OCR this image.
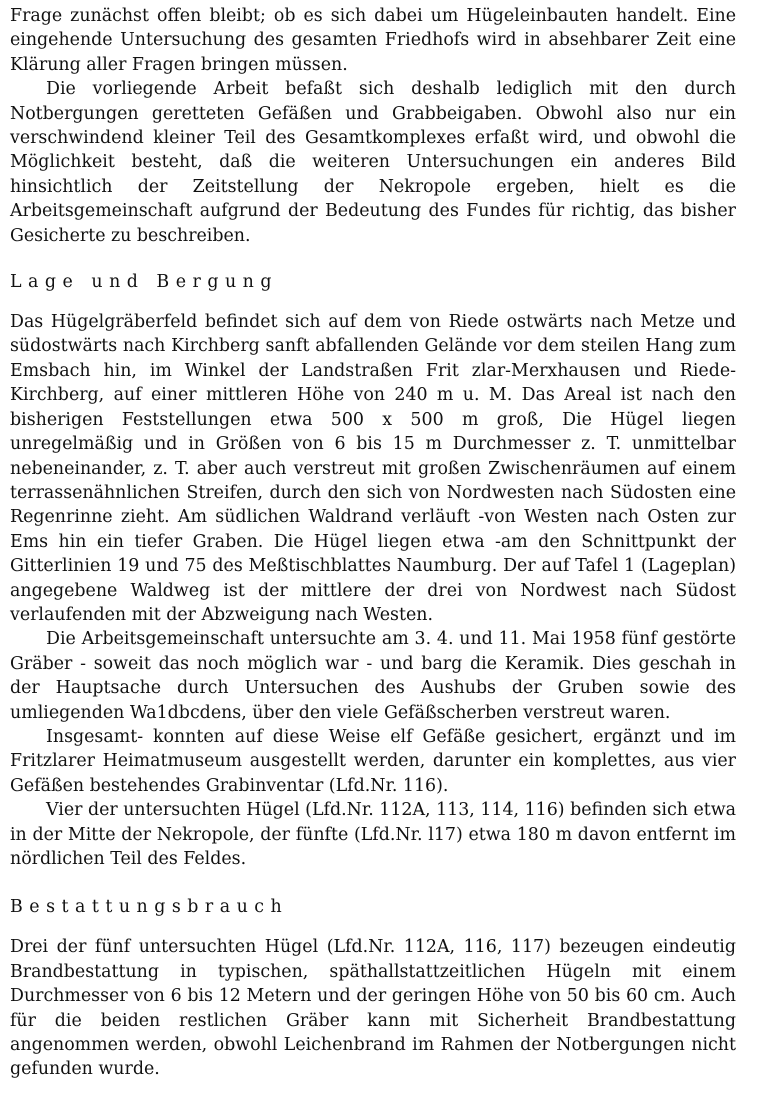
Frage zunächst offen bleibt; ob es sich dabei um Hügeleinbauten handelt. Eine eingehende Untersuchung des gesamten Friedhofs wird in absehbarer Zeit eine Klärung aller Fragen bringen müssen.

Die vorliegende Arbeit befaßt sich deshalb lediglich mit den durch Notbergungen geretteten Gefäßen und Grabbeigaben. Obwohl also nur ein verschwindend kleiner Teil des Gesamtkomplexes erfaßt wird, und obwohl die Möglichkeit besteht, daß die weiteren Untersuchungen ein anderes Bild hinsichtlich der Zeitstellung der Nekropole ergeben, hielt es die Arbeitsgemeinschaft aufgrund der Bedeutung des Fundes für richtig, das bisher Gesicherte zu beschreiben.

Lage und Bergung

Das Hügelgräberfeld befindet sich auf dem von Riede ostwärts nach Metze und südostwärts nach Kirchberg sanft abfallenden Gelände vor dem steilen Hang zum Emsbach hin, im Winkel der Landstraßen Frit zlar-Merxhausen und Riede-Kirchberg, auf einer mittleren Höhe von 240 m u. M. Das Areal ist nach den bisherigen Feststellungen etwa 500 x 500 m groß, Die Hügel liegen unregelmäßig und in Größen von 6 bis 15 m Durchmesser z. T. unmittelbar nebeneinander, z. T. aber auch verstreut mit großen Zwischenräumen auf einem terrassenähnlichen Streifen, durch den sich von Nordwesten nach Südosten eine Regenrinne zieht. Am südlichen Waldrand verläuft ‑von Westen nach Osten zur Ems hin ein tiefer Graben. Die Hügel liegen etwa ‑am den Schnittpunkt der Gitterlinien 19 und 75 des Meßtischblattes Naumburg. Der auf Tafel 1 (Lageplan) angegebene Waldweg ist der mittlere der drei von Nordwest nach Südost verlaufenden mit der Abzweigung nach Westen.

Die Arbeitsgemeinschaft untersuchte am 3. 4. und 11. Mai 1958 fünf gestörte Gräber - soweit das noch möglich war - und barg die Keramik. Dies geschah in der Hauptsache durch Untersuchen des Aushubs der Gruben sowie des umliegenden Wa1dbcdens, über den viele Gefäßscherben verstreut waren.

Insgesamt‑ konnten auf diese Weise elf Gefäße gesichert, ergänzt und im Fritzlarer Heimatmuseum ausgestellt werden, darunter ein komplettes, aus vier Gefäßen bestehendes Grabinventar (Lfd.Nr. 116).

Vier der untersuchten Hügel (Lfd.Nr. 112A, 113, 114, 116) befinden sich etwa in der Mitte der Nekropole, der fünfte (Lfd.Nr. l17) etwa 180 m davon entfernt im nördlichen Teil des Feldes.

Bestattungsbrauch

Drei der fünf untersuchten Hügel (Lfd.Nr. 112A, 116, 117) bezeugen eindeutig Brandbestattung in typischen, späthallstattzeitlichen Hügeln mit einem Durchmesser von 6 bis 12 Metern und der geringen Höhe von 50 bis 60 cm. Auch für die beiden restlichen Gräber kann mit Sicherheit Brandbestattung angenommen werden, obwohl Leichenbrand im Rahmen der Notbergungen nicht gefunden wurde.
